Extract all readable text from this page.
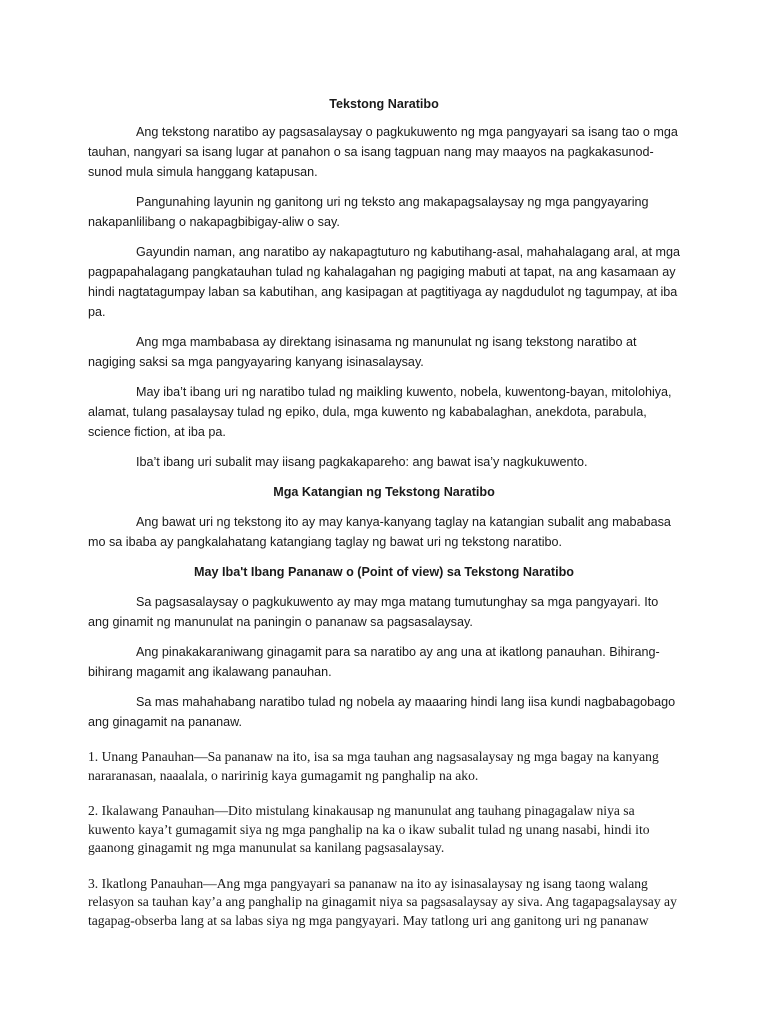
Tekstong Naratibo

Ang tekstong naratibo ay pagsasalaysay o pagkukuwento ng mga pangyayari sa isang tao o mga tauhan, nangyari sa isang lugar at panahon o sa isang tagpuan nang may maayos na pagkakasunod-sunod mula simula hanggang katapusan.

Pangunahing layunin ng ganitong uri ng teksto ang makapagsalaysay ng mga pangyayaring nakapanlilibang o nakapagbibigay-aliw o say.

Gayundin naman, ang naratibo ay nakapagtuturo ng kabutihang-asal, mahahalagang aral, at mga pagpapahalagang pangkatauhan tulad ng kahalagahan ng pagiging mabuti at tapat, na ang kasamaan ay hindi nagtatagumpay laban sa kabutihan, ang kasipagan at pagtitiyaga ay nagdudulot ng tagumpay, at iba pa.

Ang mga mambabasa ay direktang isinasama ng manunulat ng isang tekstong naratibo at nagiging saksi sa mga pangyayaring kanyang isinasalaysay.

May iba’t ibang uri ng naratibo tulad ng maikling kuwento, nobela, kuwentong-bayan, mitolohiya, alamat, tulang pasalaysay tulad ng epiko, dula, mga kuwento ng kababalaghan, anekdota, parabula, science fiction, at iba pa.

Iba’t ibang uri subalit may iisang pagkakapareho: ang bawat isa’y nagkukuwento.

Mga Katangian ng Tekstong Naratibo

Ang bawat uri ng tekstong ito ay may kanya-kanyang taglay na katangian subalit ang mababasa mo sa ibaba ay pangkalahatang katangiang taglay ng bawat uri ng tekstong naratibo.

May Iba't Ibang Pananaw o (Point of view) sa Tekstong Naratibo

Sa pagsasalaysay o pagkukuwento ay may mga matang tumutunghay sa mga pangyayari. Ito ang ginamit ng manunulat na paningin o pananaw sa pagsasalaysay.

Ang pinakakaraniwang ginagamit para sa naratibo ay ang una at ikatlong panauhan. Bihirang-bihirang magamit ang ikalawang panauhan.

Sa mas mahahabang naratibo tulad ng nobela ay maaaring hindi lang iisa kundi nagbabagobago ang ginagamit na pananaw.

1. Unang Panauhan—Sa pananaw na ito, isa sa mga tauhan ang nagsasalaysay ng mga bagay na kanyang nararanasan, naaalala, o naririnig kaya gumagamit ng panghalip na ako.
2. Ikalawang Panauhan—Dito mistulang kinakausap ng manunulat ang tauhang pinagagalaw niya sa kuwento kaya’t gumagamit siya ng mga panghalip na ka o ikaw subalit tulad ng unang nasabi, hindi ito gaanong ginagamit ng mga manunulat sa kanilang pagsasalaysay.
3. Ikatlong Panauhan—Ang mga pangyayari sa pananaw na ito ay isinasalaysay ng isang taong walang relasyon sa tauhan kay’a ang panghalip na ginagamit niya sa pagsasalaysay ay siva. Ang tagapagsalaysay ay tagapag-obserba lang at sa labas siya ng mga pangyayari. May tatlong uri ang ganitong uri ng pananaw
